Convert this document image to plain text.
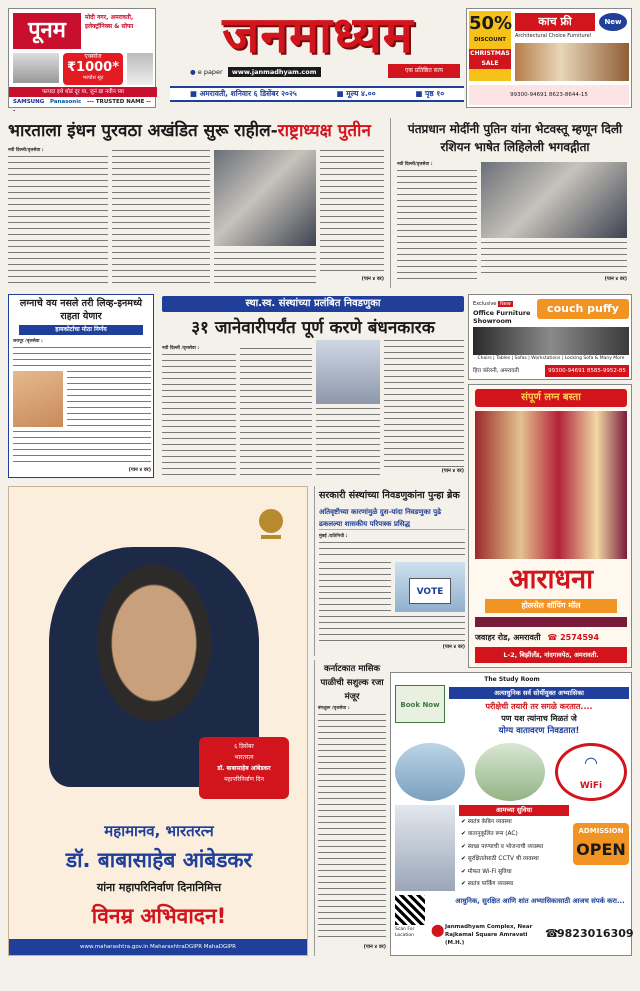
पूनम
मोदी नगर, अमरावती, इलेक्ट्रॉनिक्स & सोफा
एक्स्चेंज
₹1000*
भरघोस सूट
फायदा इथे थोडं दूर या, जुनं द्या नवीन घ्या
SAMSUNG Panasonic --- TRUSTED NAME ---
जनमाध्यम
● e paper www.janmadhyam.com	एक प्रतिष्ठित सत्य
■ अमरावती, शनिवार ६ डिसेंबर २०२५	■ मूल्य ४.००	■ पृष्ठ १०
50%
DISCOUNT
CHRISTMAS SALE
काच फ्री
Architectural Choice Furniture!
New
99300-94691 8623-8644-15
भारताला इंधन पुरवठा अखंडित सुरू राहील-राष्ट्राध्यक्ष पुतीन
नवी दिल्ली/वृत्तसेवा :
(पान ४ वर)
पंतप्रधान मोदींनी पुतिन यांना भेटवस्तू म्हणून दिली रशियन भाषेत लिहिलेली भगवद्गीता
नवी दिल्ली/वृत्तसेवा :
(पान ४ वर)
लग्नाचे वय नसले तरी लिव्ह-इनमध्ये राहता येणार
हायकोर्टाचा मोठा निर्णय
जयपूर /वृत्तसेवा :
(पान ४ वर)
स्था.स्व. संस्थांच्या प्रलंबित निवडणुका
३१ जानेवारीपर्यंत पूर्ण करणे बंधनकारक
नवी दिल्ली /वृत्तसेवा :
(पान ४ वर)
Exclusive New
Office Furniture Showroom
couch puffy
Chairs | Tables | Sofas | Workstations | Locking Sofa & Many More
हिरा कॉलनी, अमरावती	99300-94691 8585-9952-85
संपूर्ण लग्न बस्ता
आराधना
होलसेल शॉपिंग मॉल
जवाहर रोड, अमरावती ☎ 2574594
L-2, बिझीलँड, नांदगावपेठ, अमरावती.
६ डिसेंबर
भारतरत्न
डॉ. बाबासाहेब आंबेडकर
महापरिनिर्वाण दिन
महामानव, भारतरत्न
डॉ. बाबासाहेब आंबेडकर
यांना महापरिनिर्वाण दिनानिमित्त
विनम्र अभिवादन!
www.maharashtra.gov.in MaharashtraDGIPR MahaDGIPR
सरकारी संस्थांच्या निवडणुकांना पुन्हा ब्रेक
अतिवृष्टीच्या कारणांमुळे दुस-यांदा निवडणुका पुढे ढकलल्या शासकीय परिपत्रक प्रसिद्ध
मुंबई /प्रतिनिधी :
VOTE
(पान ४ वर)
कर्नाटकात मासिक पाळीची सशुल्क रजा मंजूर
बंगळुरू /वृत्तसेवा :
(पान ४ वर)
The Study Room
Book Now
अत्याधुनिक सर्व सोयींयुक्त अभ्यासिका
परीक्षेची तयारी तर सगळे करतात....
पण यश त्यांनाच मिळतं जे
योग्य वातावरण निवडतात!
◠
WiFi
आमच्या सुविधा
✔ स्वतंत्र केबिन व्यवस्था
✔ वातानुकूलित रूम (AC)
✔ स्वच्छ पाण्याची व भोजनाची व्यवस्था
✔ सुरक्षिततेसाठी CCTV ची व्यवस्था
✔ मोफत Wi-Fi सुविधा
✔ स्वतंत्र पार्किंग व्यवस्था
ADMISSION
OPEN
आधुनिक, सुरक्षित आणि शांत अभ्यासिकासाठी आजच संपर्क करा...
Scan For Location	⬤ Janmadhyam Complex, Near Rajkamal Square Amravati (M.H.)
☎
9823016309
